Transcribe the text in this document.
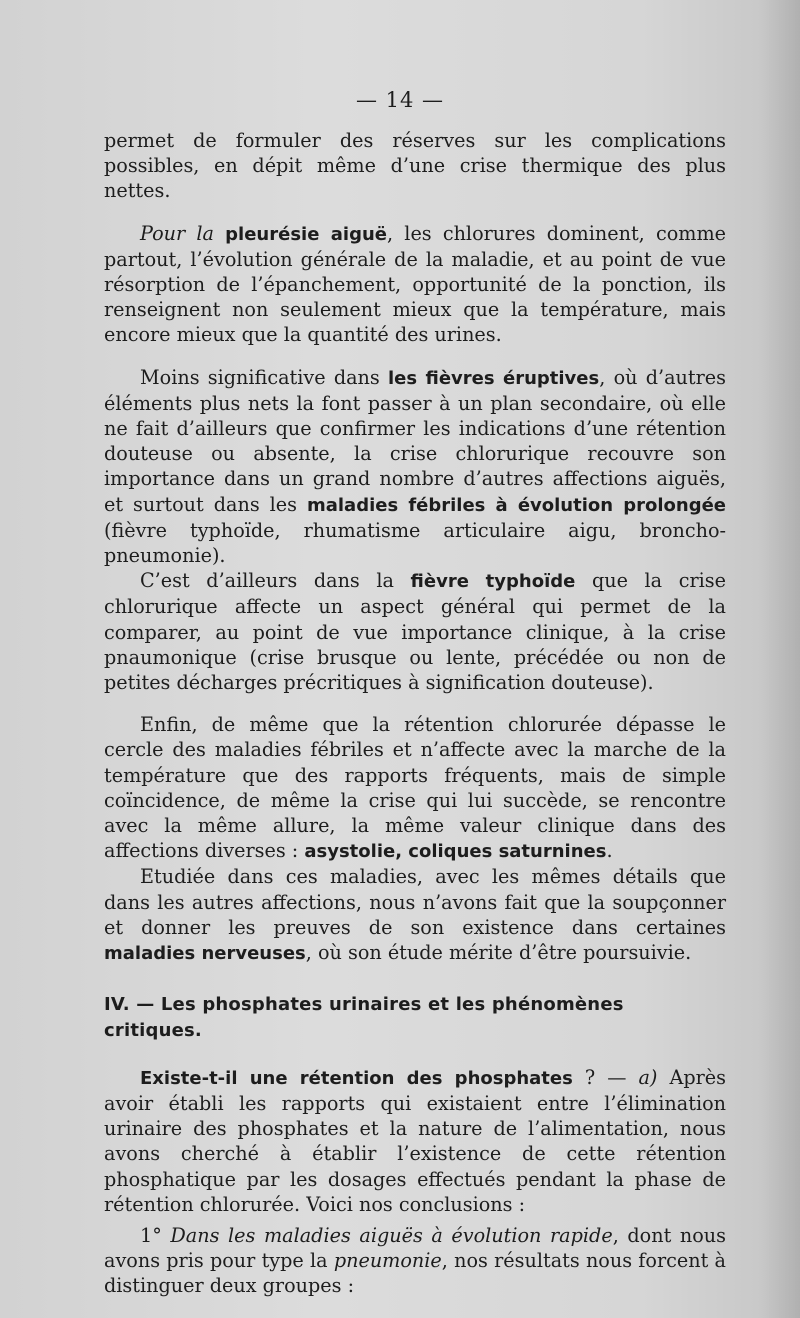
— 14 —

permet de formuler des réserves sur les complications possibles, en dépit même d’une crise thermique des plus nettes.

Pour la pleurésie aiguë, les chlorures dominent, comme partout, l’évolution générale de la maladie, et au point de vue résorption de l’épanchement, opportunité de la ponction, ils renseignent non seulement mieux que la température, mais encore mieux que la quantité des urines.

Moins significative dans les fièvres éruptives, où d’autres éléments plus nets la font passer à un plan secondaire, où elle ne fait d’ailleurs que confirmer les indications d’une rétention douteuse ou absente, la crise chlorurique recouvre son importance dans un grand nombre d’autres affections aiguës, et surtout dans les maladies fébriles à évolution prolongée (fièvre typhoïde, rhumatisme articulaire aigu, broncho-pneumonie).

C’est d’ailleurs dans la fièvre typhoïde que la crise chlorurique affecte un aspect général qui permet de la comparer, au point de vue importance clinique, à la crise pnaumonique (crise brusque ou lente, précédée ou non de petites décharges précritiques à signification douteuse).

Enfin, de même que la rétention chlorurée dépasse le cercle des maladies fébriles et n’affecte avec la marche de la température que des rapports fréquents, mais de simple coïncidence, de même la crise qui lui succède, se rencontre avec la même allure, la même valeur clinique dans des affections diverses : asystolie, coliques saturnines.

Etudiée dans ces maladies, avec les mêmes détails que dans les autres affections, nous n’avons fait que la soupçonner et donner les preuves de son existence dans certaines maladies nerveuses, où son étude mérite d’être poursuivie.

IV. — Les phosphates urinaires et les phénomènes critiques.

Existe-t-il une rétention des phosphates ? — a) Après avoir établi les rapports qui existaient entre l’élimination urinaire des phosphates et la nature de l’alimentation, nous avons cherché à établir l’existence de cette rétention phosphatique par les dosages effectués pendant la phase de rétention chlorurée. Voici nos conclusions :

1° Dans les maladies aiguës à évolution rapide, dont nous avons pris pour type la pneumonie, nos résultats nous forcent à distinguer deux groupes :
